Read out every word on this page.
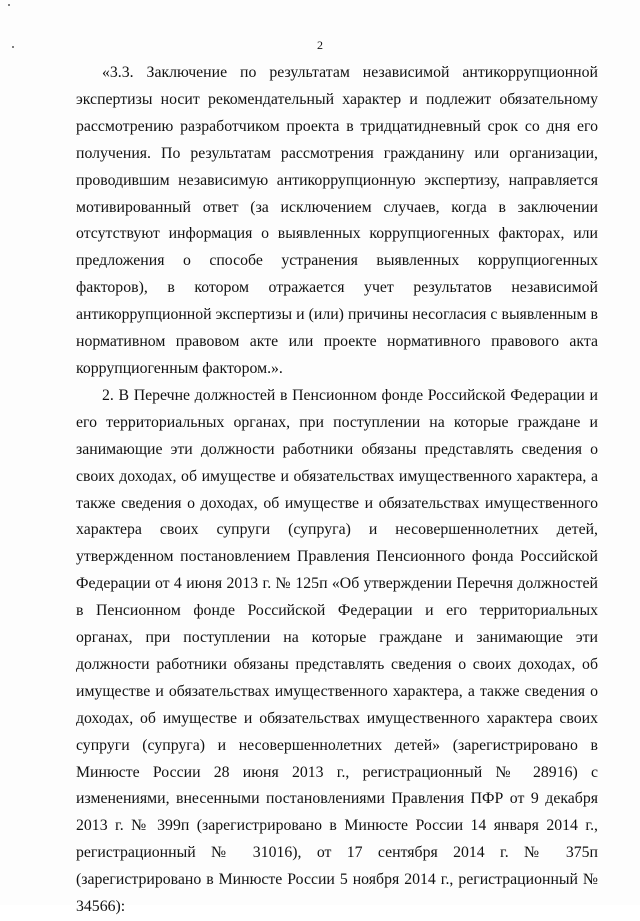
2

«3.3. Заключение по результатам независимой антикоррупционной экспертизы носит рекомендательный характер и подлежит обязательному рассмотрению разработчиком проекта в тридцатидневный срок со дня его получения. По результатам рассмотрения гражданину или организации, проводившим независимую антикоррупционную экспертизу, направляется мотивированный ответ (за исключением случаев, когда в заключении отсутствуют информация о выявленных коррупциогенных факторах, или предложения о способе устранения выявленных коррупциогенных факторов), в котором отражается учет результатов независимой антикоррупционной экспертизы и (или) причины несогласия с выявленным в нормативном правовом акте или проекте нормативного правового акта коррупциогенным фактором.».

2. В Перечне должностей в Пенсионном фонде Российской Федерации и его территориальных органах, при поступлении на которые граждане и занимающие эти должности работники обязаны представлять сведения о своих доходах, об имуществе и обязательствах имущественного характера, а также сведения о доходах, об имуществе и обязательствах имущественного характера своих супруги (супруга) и несовершеннолетних детей, утвержденном постановлением Правления Пенсионного фонда Российской Федерации от 4 июня 2013 г. № 125п «Об утверждении Перечня должностей в Пенсионном фонде Российской Федерации и его территориальных органах, при поступлении на которые граждане и занимающие эти должности работники обязаны представлять сведения о своих доходах, об имуществе и обязательствах имущественного характера, а также сведения о доходах, об имуществе и обязательствах имущественного характера своих супруги (супруга) и несовершеннолетних детей» (зарегистрировано в Минюсте России 28 июня 2013 г., регистрационный № 28916) с изменениями, внесенными постановлениями Правления ПФР от 9 декабря 2013 г. № 399п (зарегистрировано в Минюсте России 14 января 2014 г., регистрационный № 31016), от 17 сентября 2014 г. № 375п (зарегистрировано в Минюсте России 5 ноября 2014 г., регистрационный № 34566):
